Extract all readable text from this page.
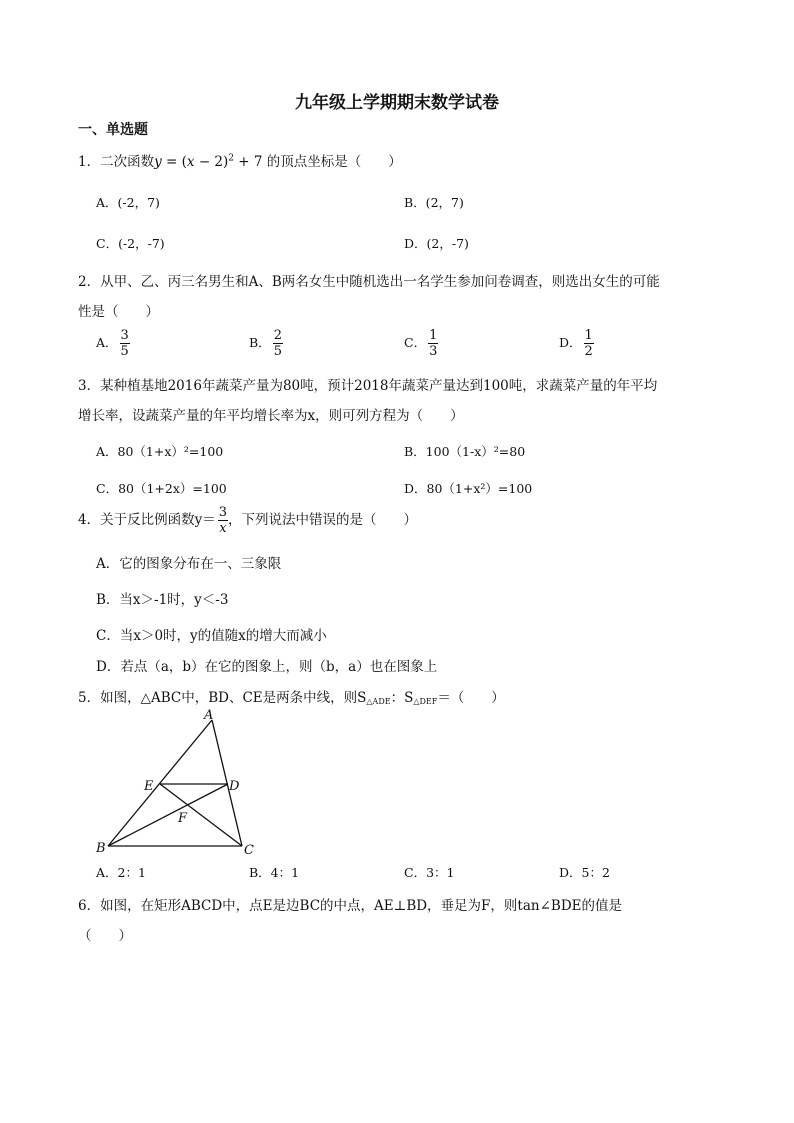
九年级上学期期末数学试卷
一、单选题
1．二次函数$y = (x - 2)^2 + 7$ 的顶点坐标是（　　）
A．(-2，7)	B．(2，7)
C．(-2，-7)	D．(2，-7)
2．从甲、乙、丙三名男生和A、B两名女生中随机选出一名学生参加问卷调查，则选出女生的可能
性是（　　）
A． $\frac{3}{5}$	B． $\frac{2}{5}$	C． $\frac{1}{3}$	D． $\frac{1}{2}$
3．某种植基地2016年蔬菜产量为80吨，预计2018年蔬菜产量达到100吨，求蔬菜产量的年平均
增长率，设蔬菜产量的年平均增长率为x，则可列方程为（　　）
A．80（1+x）²=100	B．100（1-x）²=80
C．80（1+2x）=100	D．80（1+x²）=100
4．关于反比例函数$y= \frac{3}{x}$ ，下列说法中错误的是（　　）
A．它的图象分布在一、三象限
B．当x＞-1时，y＜-3
C．当x＞0时，y的值随x的增大而减小
D．若点（a，b）在它的图象上，则（b，a）也在图象上
5．如图，△ABC中，BD、CE是两条中线，则$S_{\triangle ADE}$：$S_{\triangle DEF}=$（　　）
A
B	C
D
E
F
A．2：1	B．4：1	C．3：1	D．5：2
6．如图，在矩形ABCD中，点E是边BC的中点，AE⊥BD，垂足为F，则tan∠BDE的值是
（　　）
